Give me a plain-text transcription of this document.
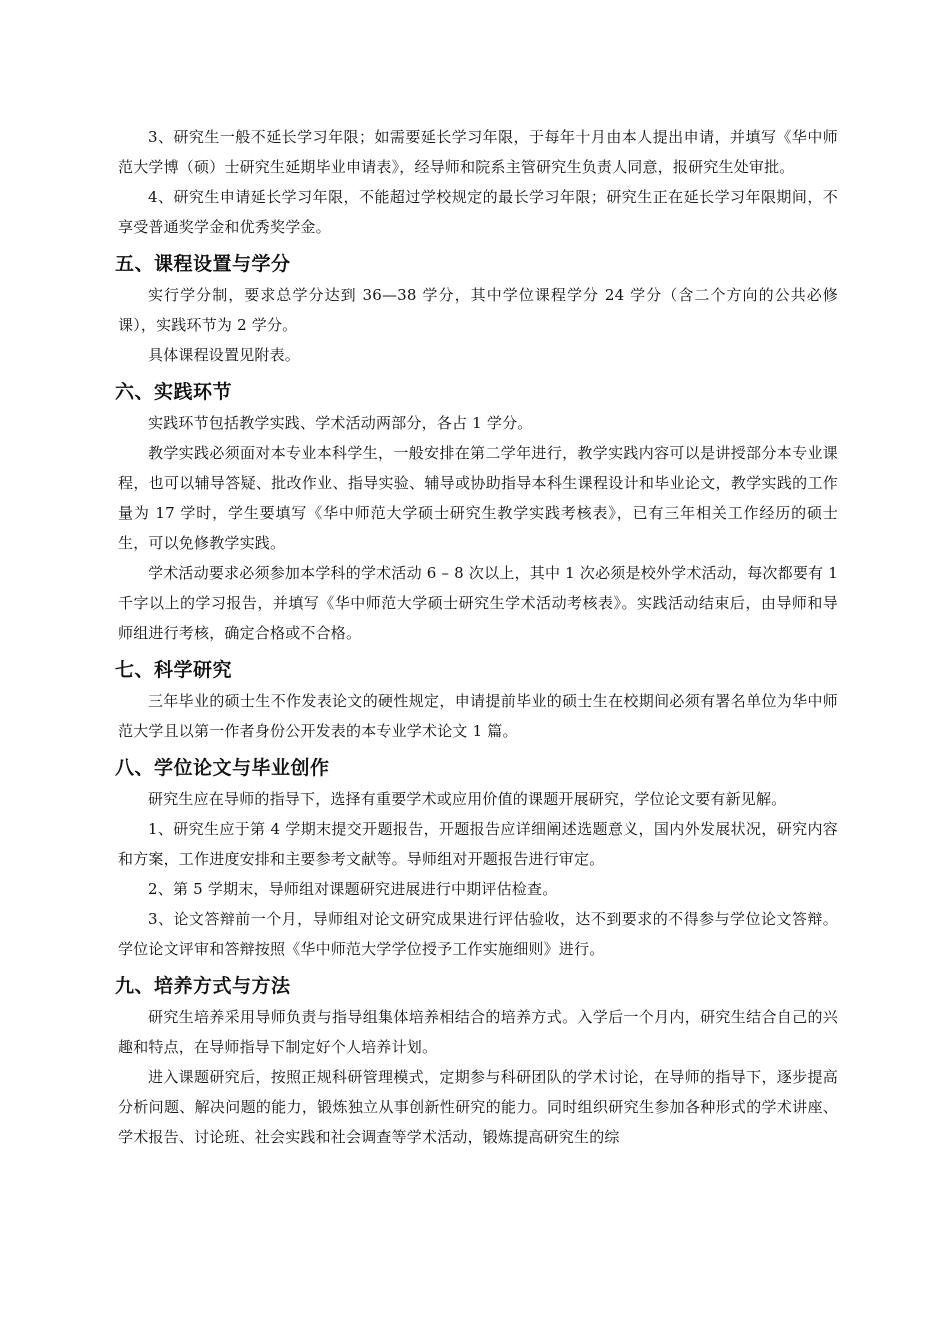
3、研究生一般不延长学习年限；如需要延长学习年限，于每年十月由本人提出申请，并填写《华中师范大学博（硕）士研究生延期毕业申请表》，经导师和院系主管研究生负责人同意，报研究生处审批。

4、研究生申请延长学习年限，不能超过学校规定的最长学习年限；研究生正在延长学习年限期间，不享受普通奖学金和优秀奖学金。

五、课程设置与学分

实行学分制，要求总学分达到 36—38 学分，其中学位课程学分 24 学分（含二个方向的公共必修课），实践环节为 2 学分。

具体课程设置见附表。

六、实践环节

实践环节包括教学实践、学术活动两部分，各占 1 学分。

教学实践必须面对本专业本科学生，一般安排在第二学年进行，教学实践内容可以是讲授部分本专业课程，也可以辅导答疑、批改作业、指导实验、辅导或协助指导本科生课程设计和毕业论文，教学实践的工作量为 17 学时，学生要填写《华中师范大学硕士研究生教学实践考核表》，已有三年相关工作经历的硕士生，可以免修教学实践。

学术活动要求必须参加本学科的学术活动 6 – 8 次以上，其中 1 次必须是校外学术活动，每次都要有 1 千字以上的学习报告，并填写《华中师范大学硕士研究生学术活动考核表》。实践活动结束后，由导师和导师组进行考核，确定合格或不合格。

七、科学研究

三年毕业的硕士生不作发表论文的硬性规定，申请提前毕业的硕士生在校期间必须有署名单位为华中师范大学且以第一作者身份公开发表的本专业学术论文 1 篇。

八、学位论文与毕业创作

研究生应在导师的指导下，选择有重要学术或应用价值的课题开展研究，学位论文要有新见解。

1、研究生应于第 4 学期末提交开题报告，开题报告应详细阐述选题意义，国内外发展状况，研究内容和方案，工作进度安排和主要参考文献等。导师组对开题报告进行审定。

2、第 5 学期末，导师组对课题研究进展进行中期评估检查。

3、论文答辩前一个月，导师组对论文研究成果进行评估验收，达不到要求的不得参与学位论文答辩。学位论文评审和答辩按照《华中师范大学学位授予工作实施细则》进行。

九、培养方式与方法

研究生培养采用导师负责与指导组集体培养相结合的培养方式。入学后一个月内，研究生结合自己的兴趣和特点，在导师指导下制定好个人培养计划。

进入课题研究后，按照正规科研管理模式，定期参与科研团队的学术讨论，在导师的指导下，逐步提高分析问题、解决问题的能力，锻炼独立从事创新性研究的能力。同时组织研究生参加各种形式的学术讲座、学术报告、讨论班、社会实践和社会调查等学术活动，锻炼提高研究生的综
